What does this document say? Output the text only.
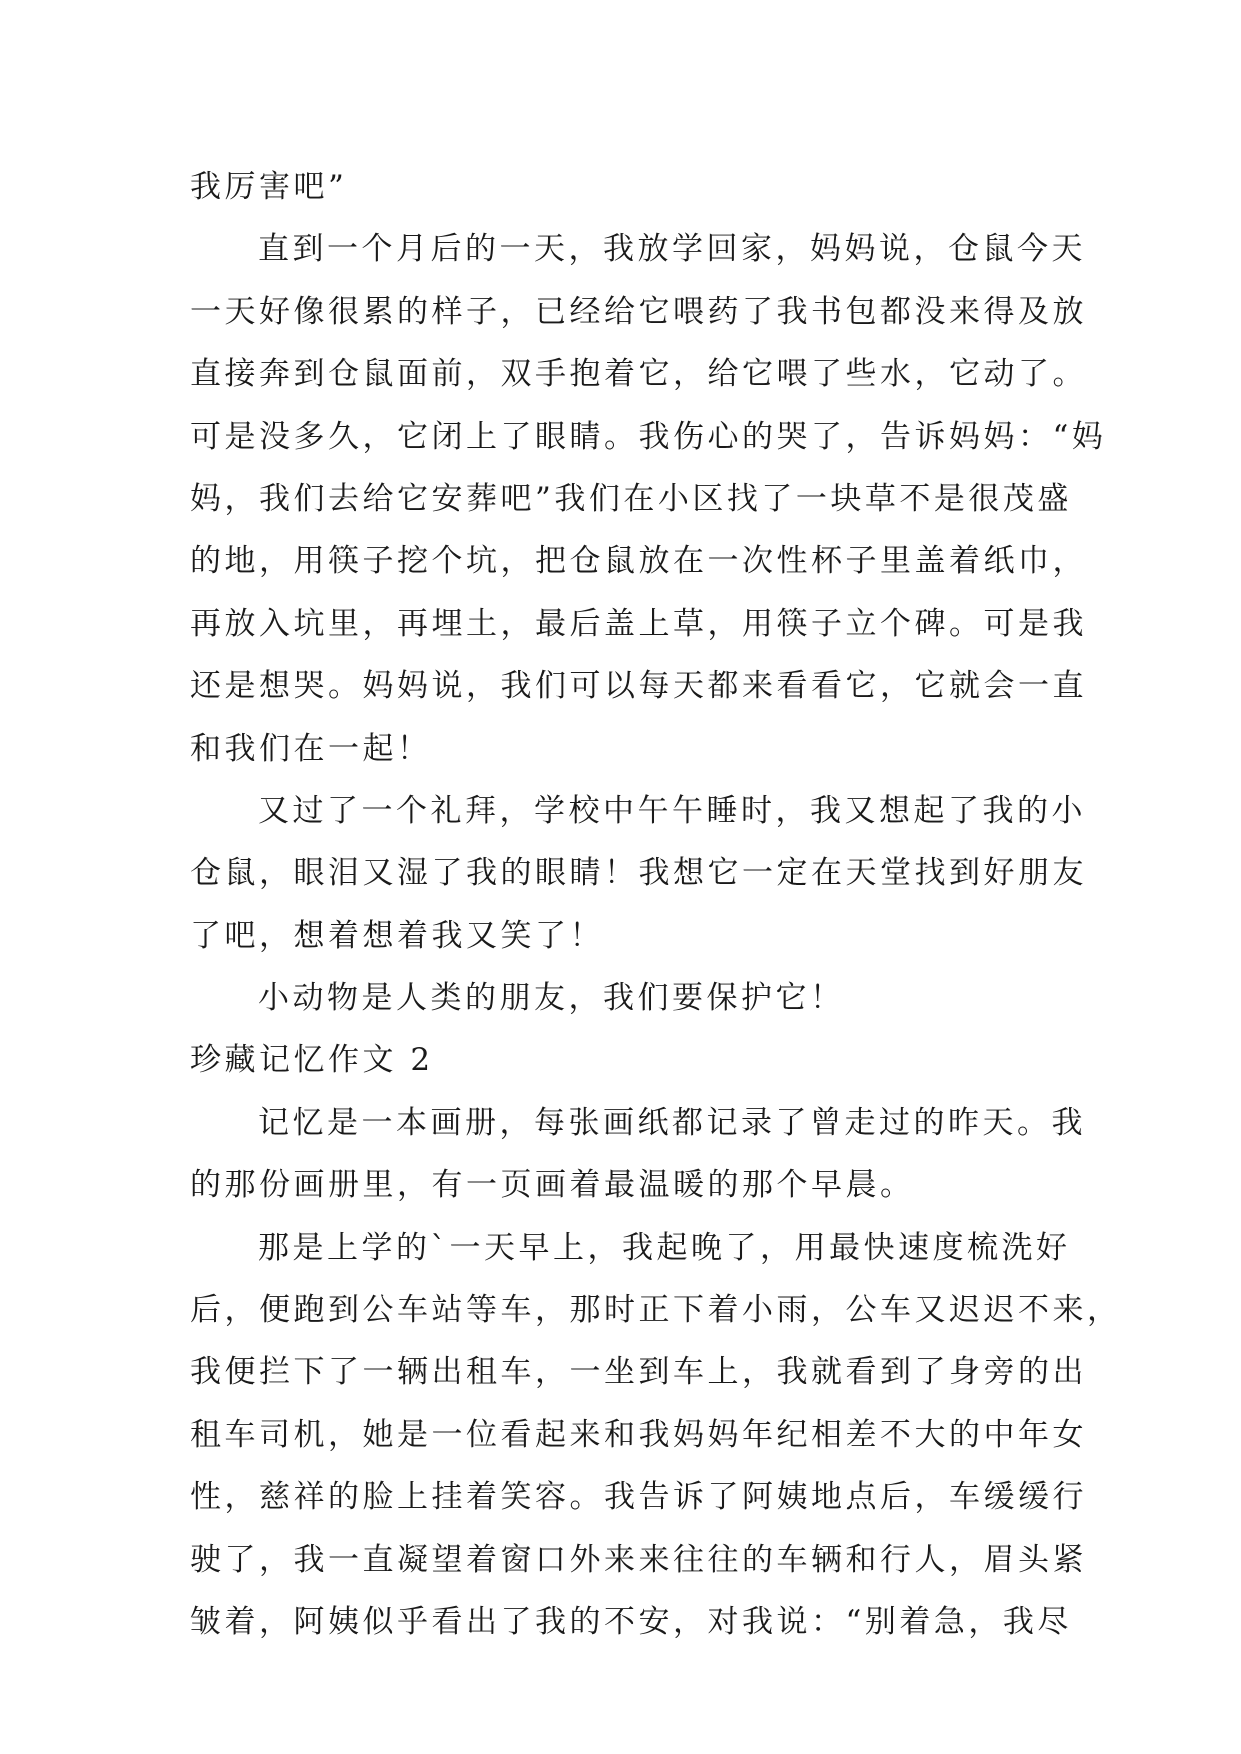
我厉害吧”
直到一个月后的一天，我放学回家，妈妈说，仓鼠今天
一天好像很累的样子，已经给它喂药了我书包都没来得及放
直接奔到仓鼠面前，双手抱着它，给它喂了些水，它动了。
可是没多久，它闭上了眼睛。我伤心的哭了，告诉妈妈：“妈
妈，我们去给它安葬吧”我们在小区找了一块草不是很茂盛
的地，用筷子挖个坑，把仓鼠放在一次性杯子里盖着纸巾，
再放入坑里，再埋土，最后盖上草，用筷子立个碑。可是我
还是想哭。妈妈说，我们可以每天都来看看它，它就会一直
和我们在一起！
又过了一个礼拜，学校中午午睡时，我又想起了我的小
仓鼠，眼泪又湿了我的眼睛！我想它一定在天堂找到好朋友
了吧，想着想着我又笑了！
小动物是人类的朋友，我们要保护它！
珍藏记忆作文 2
记忆是一本画册，每张画纸都记录了曾走过的昨天。我
的那份画册里，有一页画着最温暖的那个早晨。
那是上学的`一天早上，我起晚了，用最快速度梳洗好
后，便跑到公车站等车，那时正下着小雨，公车又迟迟不来，
我便拦下了一辆出租车，一坐到车上，我就看到了身旁的出
租车司机，她是一位看起来和我妈妈年纪相差不大的中年女
性，慈祥的脸上挂着笑容。我告诉了阿姨地点后，车缓缓行
驶了，我一直凝望着窗口外来来往往的车辆和行人，眉头紧
皱着，阿姨似乎看出了我的不安，对我说：“别着急，我尽
